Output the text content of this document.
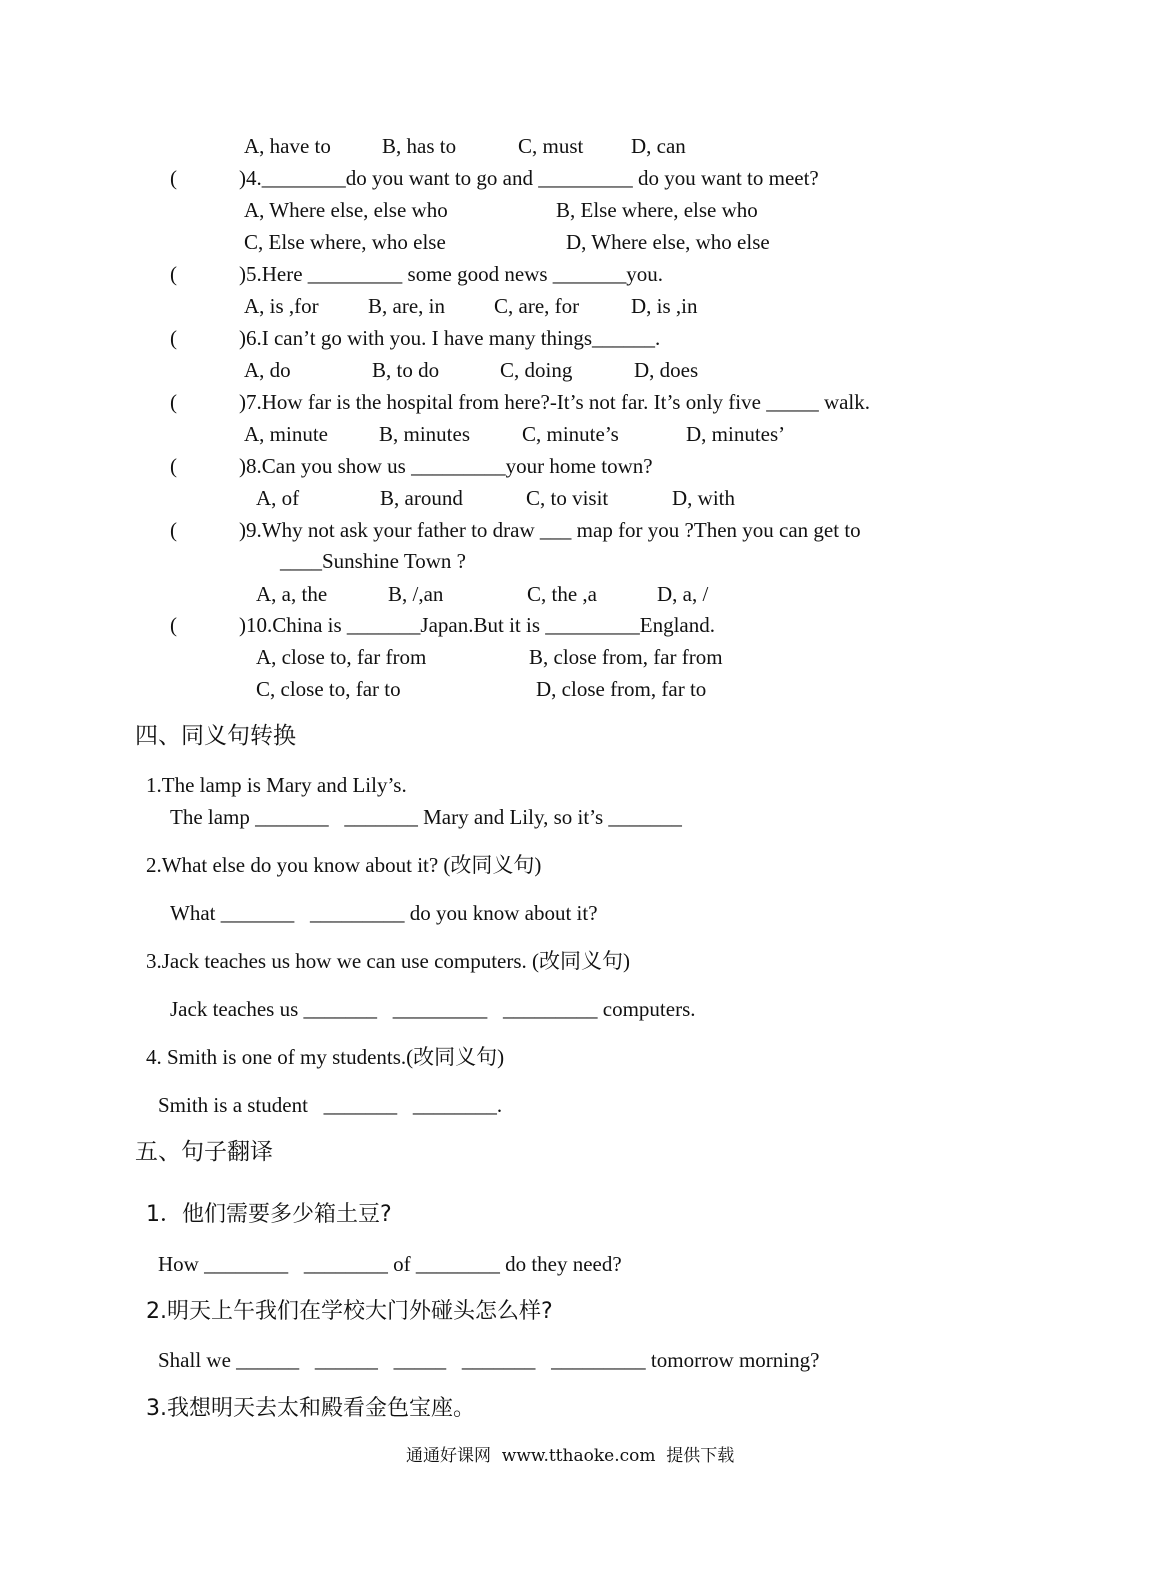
A, have to B, has to	C, must D, can
(	)4.________do you want to go and _________ do you want to meet?
A, Where else, else who	B, Else where, else who
C, Else where, who else	D, Where else, who else
(	)5.Here _________ some good news _______you.
A, is ,for B, are, in C, are, for D, is ,in
(	)6.I can’t go with you. I have many things______.
A, do	B, to do	C, doing	D, does
(	)7.How far is the hospital from here?-It’s not far. It’s only five _____ walk.
A, minute B, minutes C, minute’s	D, minutes’
(	)8.Can you show us _________your home town?
A, of	B, around	C, to visit	D, with
(	)9.Why not ask your father to draw ___ map for you ?Then you can get to
____Sunshine Town ?
A, a, the	B, /,an	C, the ,a	D, a, /
(	)10.China is _______Japan.But it is _________England.
A, close to, far from	B, close from, far from
C, close to, far to	D, close from, far to
四、同义句转换
1.The lamp is Mary and Lily’s.
The lamp _______   _______ Mary and Lily, so it’s _______
2.What else do you know about it? (改同义句)
What _______   _________ do you know about it?
3.Jack teaches us how we can use computers. (改同义句)
Jack teaches us _______   _________   _________ computers.
4. Smith is one of my students.(改同义句)
Smith is a student   _______   ________.
五、句子翻译
1．他们需要多少箱土豆?
How ________   ________ of ________ do they need?
2.明天上午我们在学校大门外碰头怎么样?
Shall we ______   ______   _____   _______   _________ tomorrow morning?
3.我想明天去太和殿看金色宝座。
通通好课网  www.tthaoke.com  提供下载
